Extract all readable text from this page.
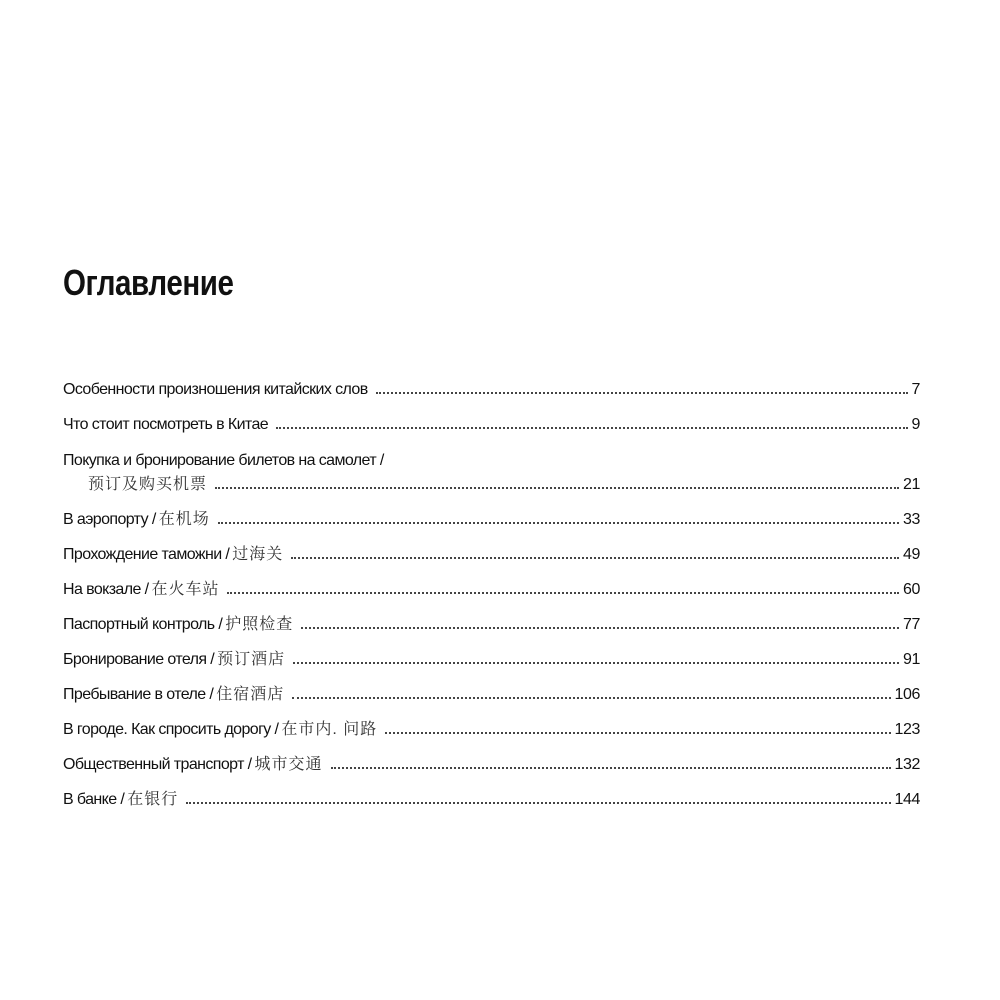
Оглавление
Особенности произношения китайских слов	7
Что стоит посмотреть в Китае	9
Покупка и бронирование билетов на самолет /
预订及购买机票	21
В аэропорту / 在机场	33
Прохождение таможни / 过海关	49
На вокзале / 在火车站	60
Паспортный контроль / 护照检查	77
Бронирование отеля / 预订酒店	91
Пребывание в отеле / 住宿酒店	106
В городе. Как спросить дорогу / 在市内. 问路	123
Общественный транспорт / 城市交通	132
В банке / 在银行	144
